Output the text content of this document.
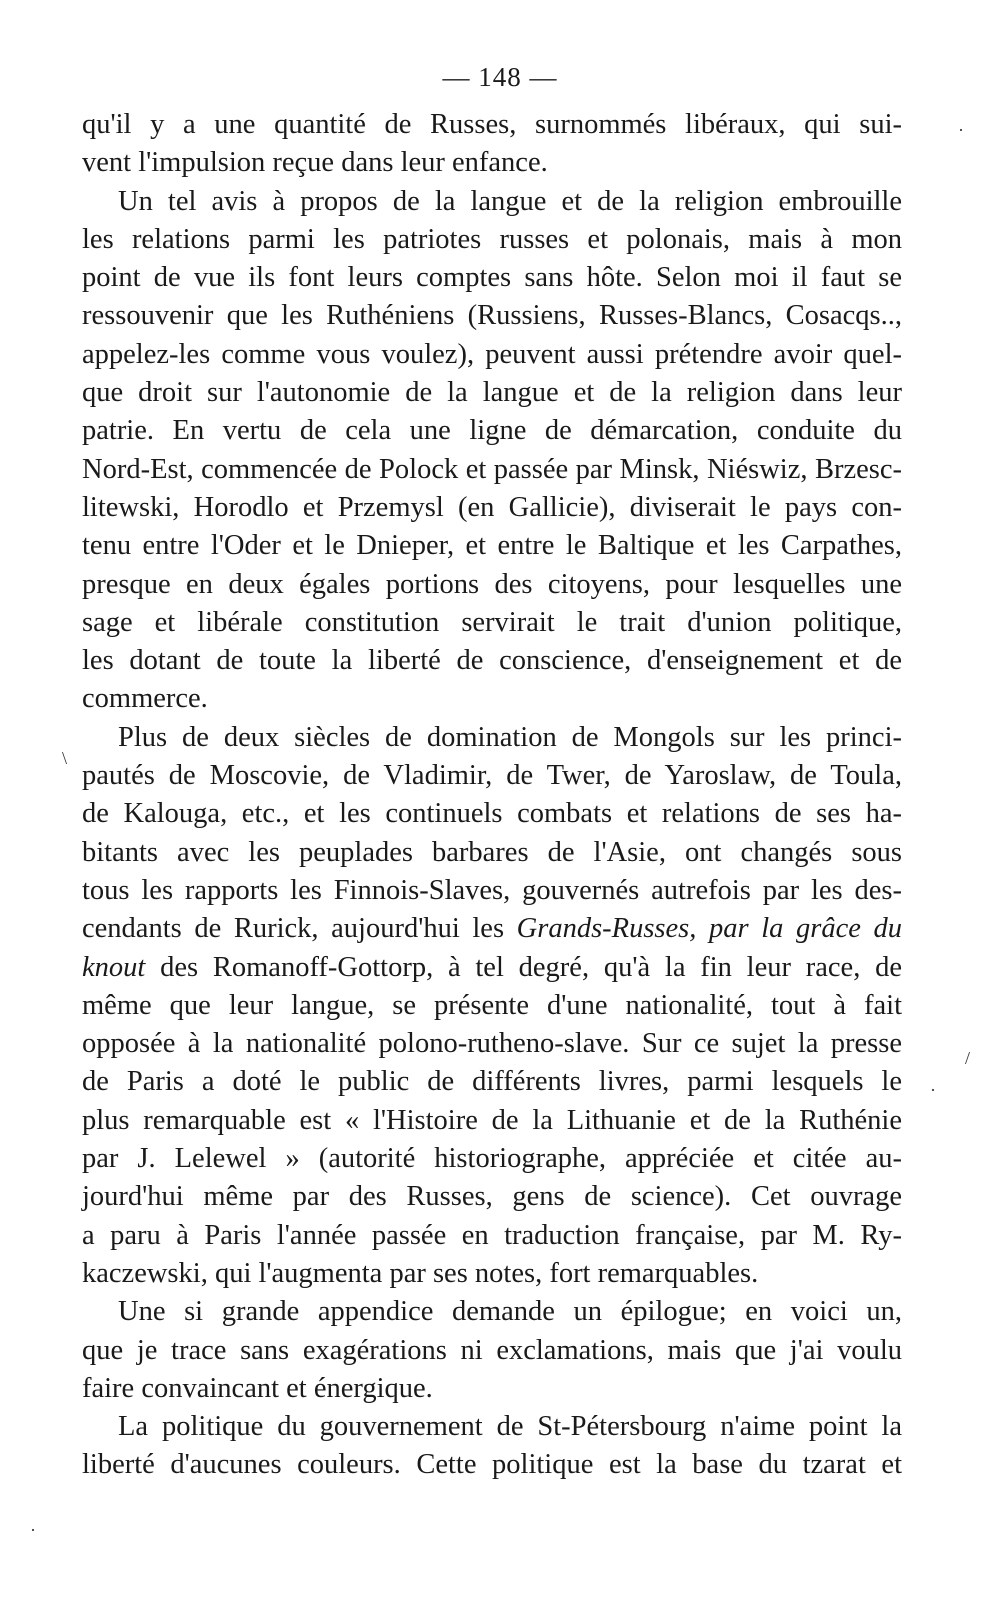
— 148 —
qu'il y a une quantité de Russes, surnommés libéraux, qui sui-
vent l'impulsion reçue dans leur enfance.
Un tel avis à propos de la langue et de la religion embrouille
les relations parmi les patriotes russes et polonais, mais à mon
point de vue ils font leurs comptes sans hôte. Selon moi il faut se
ressouvenir que les Ruthéniens (Russiens, Russes-Blancs, Cosacqs..,
appelez-les comme vous voulez), peuvent aussi prétendre avoir quel-
que droit sur l'autonomie de la langue et de la religion dans leur
patrie. En vertu de cela une ligne de démarcation, conduite du
Nord-Est, commencée de Polock et passée par Minsk, Niéswiz, Brzesc-
litewski, Horodlo et Przemysl (en Gallicie), diviserait le pays con-
tenu entre l'Oder et le Dnieper, et entre le Baltique et les Carpathes,
presque en deux égales portions des citoyens, pour lesquelles une
sage et libérale constitution servirait le trait d'union politique,
les dotant de toute la liberté de conscience, d'enseignement et de
commerce.
Plus de deux siècles de domination de Mongols sur les princi-
pautés de Moscovie, de Vladimir, de Twer, de Yaroslaw, de Toula,
de Kalouga, etc., et les continuels combats et relations de ses ha-
bitants avec les peuplades barbares de l'Asie, ont changés sous
tous les rapports les Finnois-Slaves, gouvernés autrefois par les des-
cendants de Rurick, aujourd'hui les Grands-Russes, par la grâce du
knout des Romanoff-Gottorp, à tel degré, qu'à la fin leur race, de
même que leur langue, se présente d'une nationalité, tout à fait
opposée à la nationalité polono-rutheno-slave. Sur ce sujet la presse
de Paris a doté le public de différents livres, parmi lesquels le
plus remarquable est « l'Histoire de la Lithuanie et de la Ruthénie
par J. Lelewel » (autorité historiographe, appréciée et citée au-
jourd'hui même par des Russes, gens de science). Cet ouvrage
a paru à Paris l'année passée en traduction française, par M. Ry-
kaczewski, qui l'augmenta par ses notes, fort remarquables.
Une si grande appendice demande un épilogue; en voici un,
que je trace sans exagérations ni exclamations, mais que j'ai voulu
faire convaincant et énergique.
La politique du gouvernement de St-Pétersbourg n'aime point la
liberté d'aucunes couleurs. Cette politique est la base du tzarat et
·
\
/
·
·
